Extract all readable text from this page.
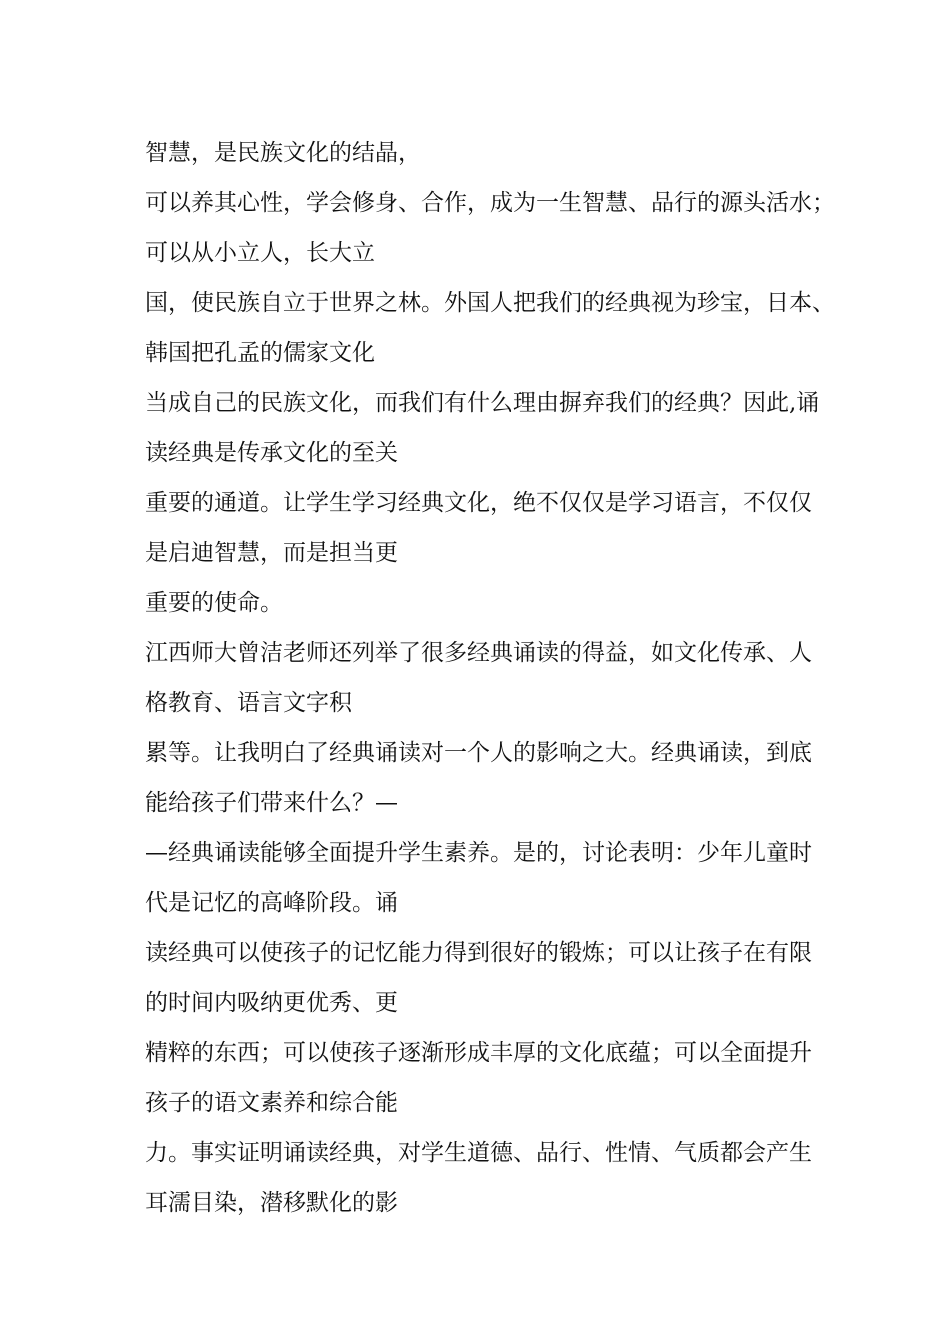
智慧，是民族文化的结晶，
可以养其心性，学会修身、合作，成为一生智慧、品行的源头活水；
可以从小立人，长大立
国，使民族自立于世界之林。外国人把我们的经典视为珍宝，日本、
韩国把孔孟的儒家文化
当成自己的民族文化，而我们有什么理由摒弃我们的经典？因此,诵
读经典是传承文化的至关
重要的通道。让学生学习经典文化，绝不仅仅是学习语言，不仅仅
是启迪智慧，而是担当更
重要的使命。
江西师大曾洁老师还列举了很多经典诵读的得益，如文化传承、人
格教育、语言文字积
累等。让我明白了经典诵读对一个人的影响之大。经典诵读，到底
能给孩子们带来什么？—
—经典诵读能够全面提升学生素养。是的，讨论表明：少年儿童时
代是记忆的高峰阶段。诵
读经典可以使孩子的记忆能力得到很好的锻炼；可以让孩子在有限
的时间内吸纳更优秀、更
精粹的东西；可以使孩子逐渐形成丰厚的文化底蕴；可以全面提升
孩子的语文素养和综合能
力。事实证明诵读经典，对学生道德、品行、性情、气质都会产生
耳濡目染，潜移默化的影
